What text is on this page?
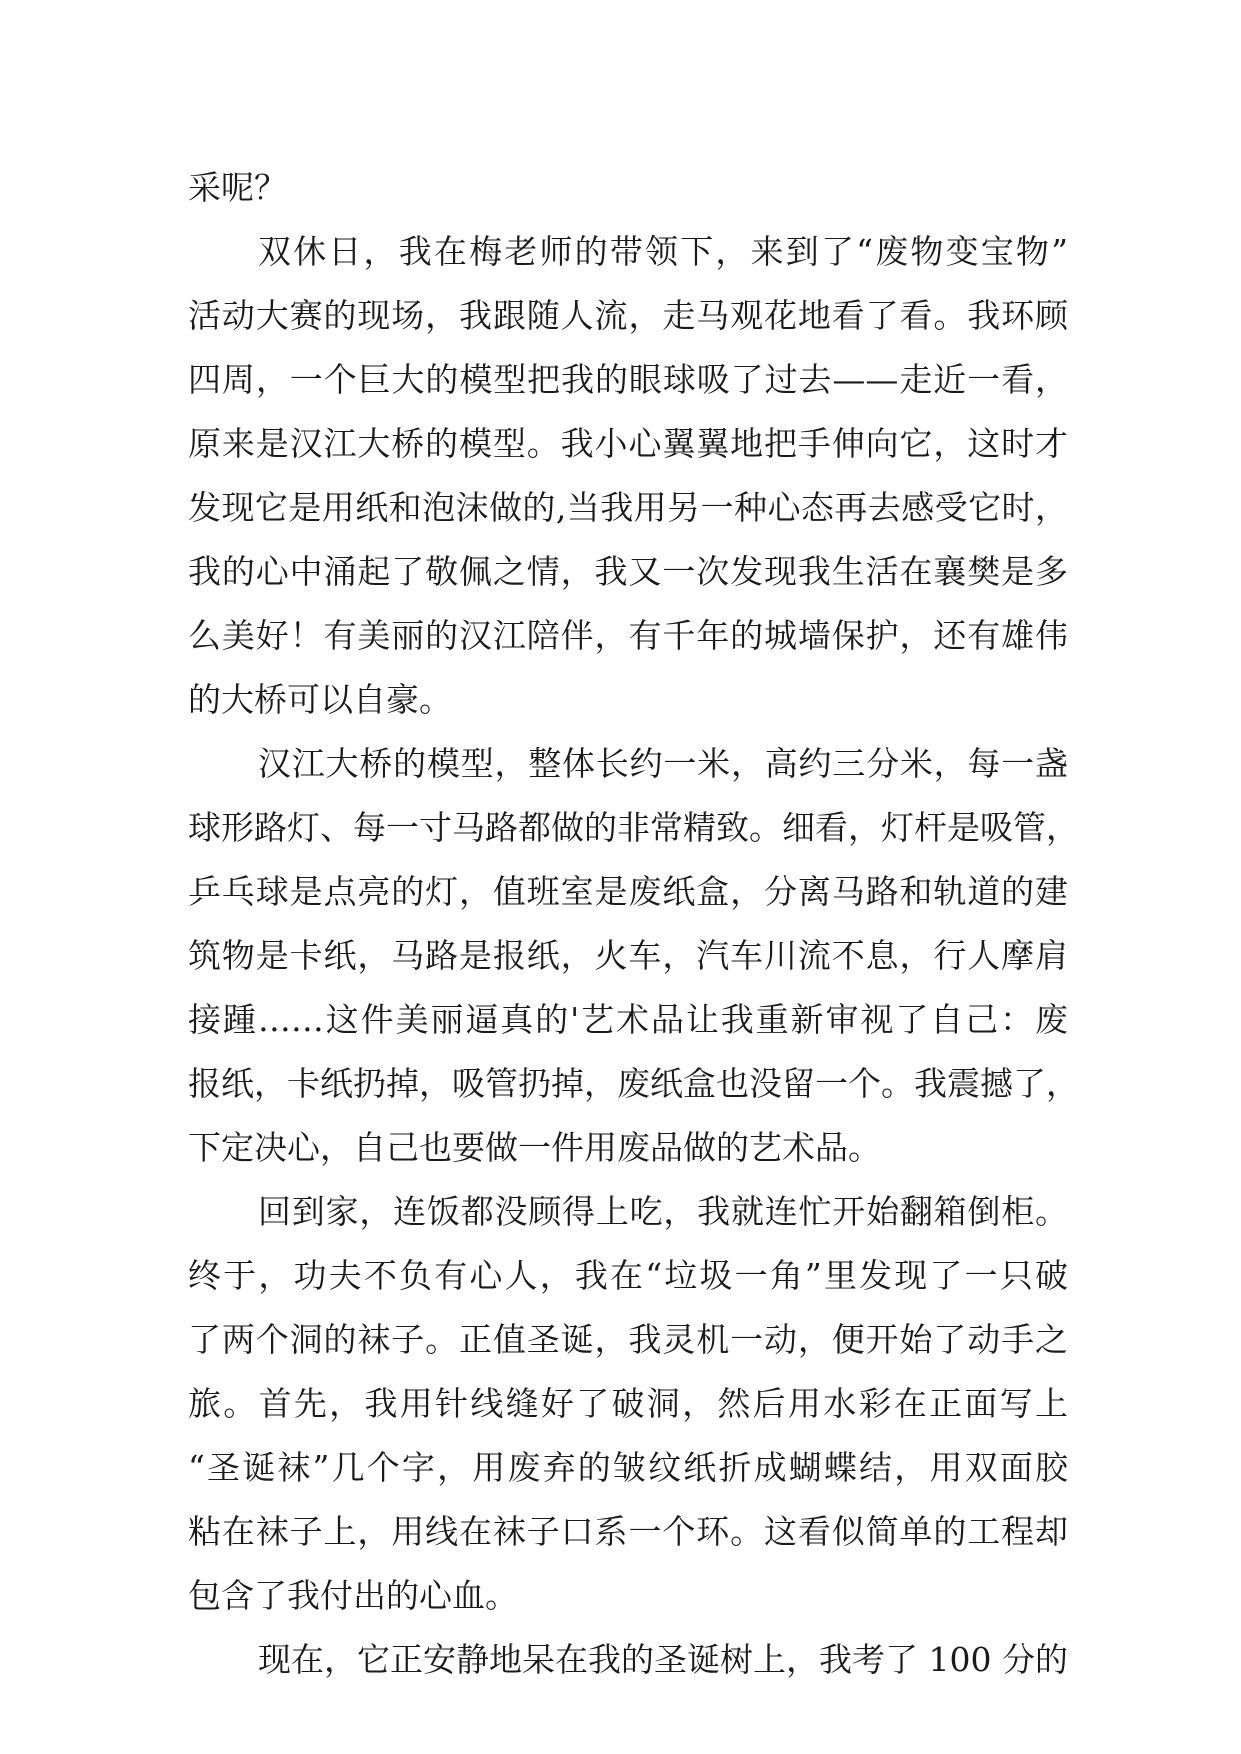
采呢？
双休日，我在梅老师的带领下，来到了“废物变宝物”
活动大赛的现场，我跟随人流，走马观花地看了看。我环顾
四周，一个巨大的模型把我的眼球吸了过去——走近一看，
原来是汉江大桥的模型。我小心翼翼地把手伸向它，这时才
发现它是用纸和泡沫做的,当我用另一种心态再去感受它时，
我的心中涌起了敬佩之情，我又一次发现我生活在襄樊是多
么美好！有美丽的汉江陪伴，有千年的城墙保护，还有雄伟
的大桥可以自豪。
汉江大桥的模型，整体长约一米，高约三分米，每一盏
球形路灯、每一寸马路都做的非常精致。细看，灯杆是吸管，
乒乓球是点亮的灯，值班室是废纸盒，分离马路和轨道的建
筑物是卡纸，马路是报纸，火车，汽车川流不息，行人摩肩
接踵……这件美丽逼真的'艺术品让我重新审视了自己：废
报纸，卡纸扔掉，吸管扔掉，废纸盒也没留一个。我震撼了，
下定决心，自己也要做一件用废品做的艺术品。
回到家，连饭都没顾得上吃，我就连忙开始翻箱倒柜。
终于，功夫不负有心人，我在“垃圾一角”里发现了一只破
了两个洞的袜子。正值圣诞，我灵机一动，便开始了动手之
旅。首先，我用针线缝好了破洞，然后用水彩在正面写上
“圣诞袜”几个字，用废弃的皱纹纸折成蝴蝶结，用双面胶
粘在袜子上，用线在袜子口系一个环。这看似简单的工程却
包含了我付出的心血。
现在，它正安静地呆在我的圣诞树上，我考了 100 分的
